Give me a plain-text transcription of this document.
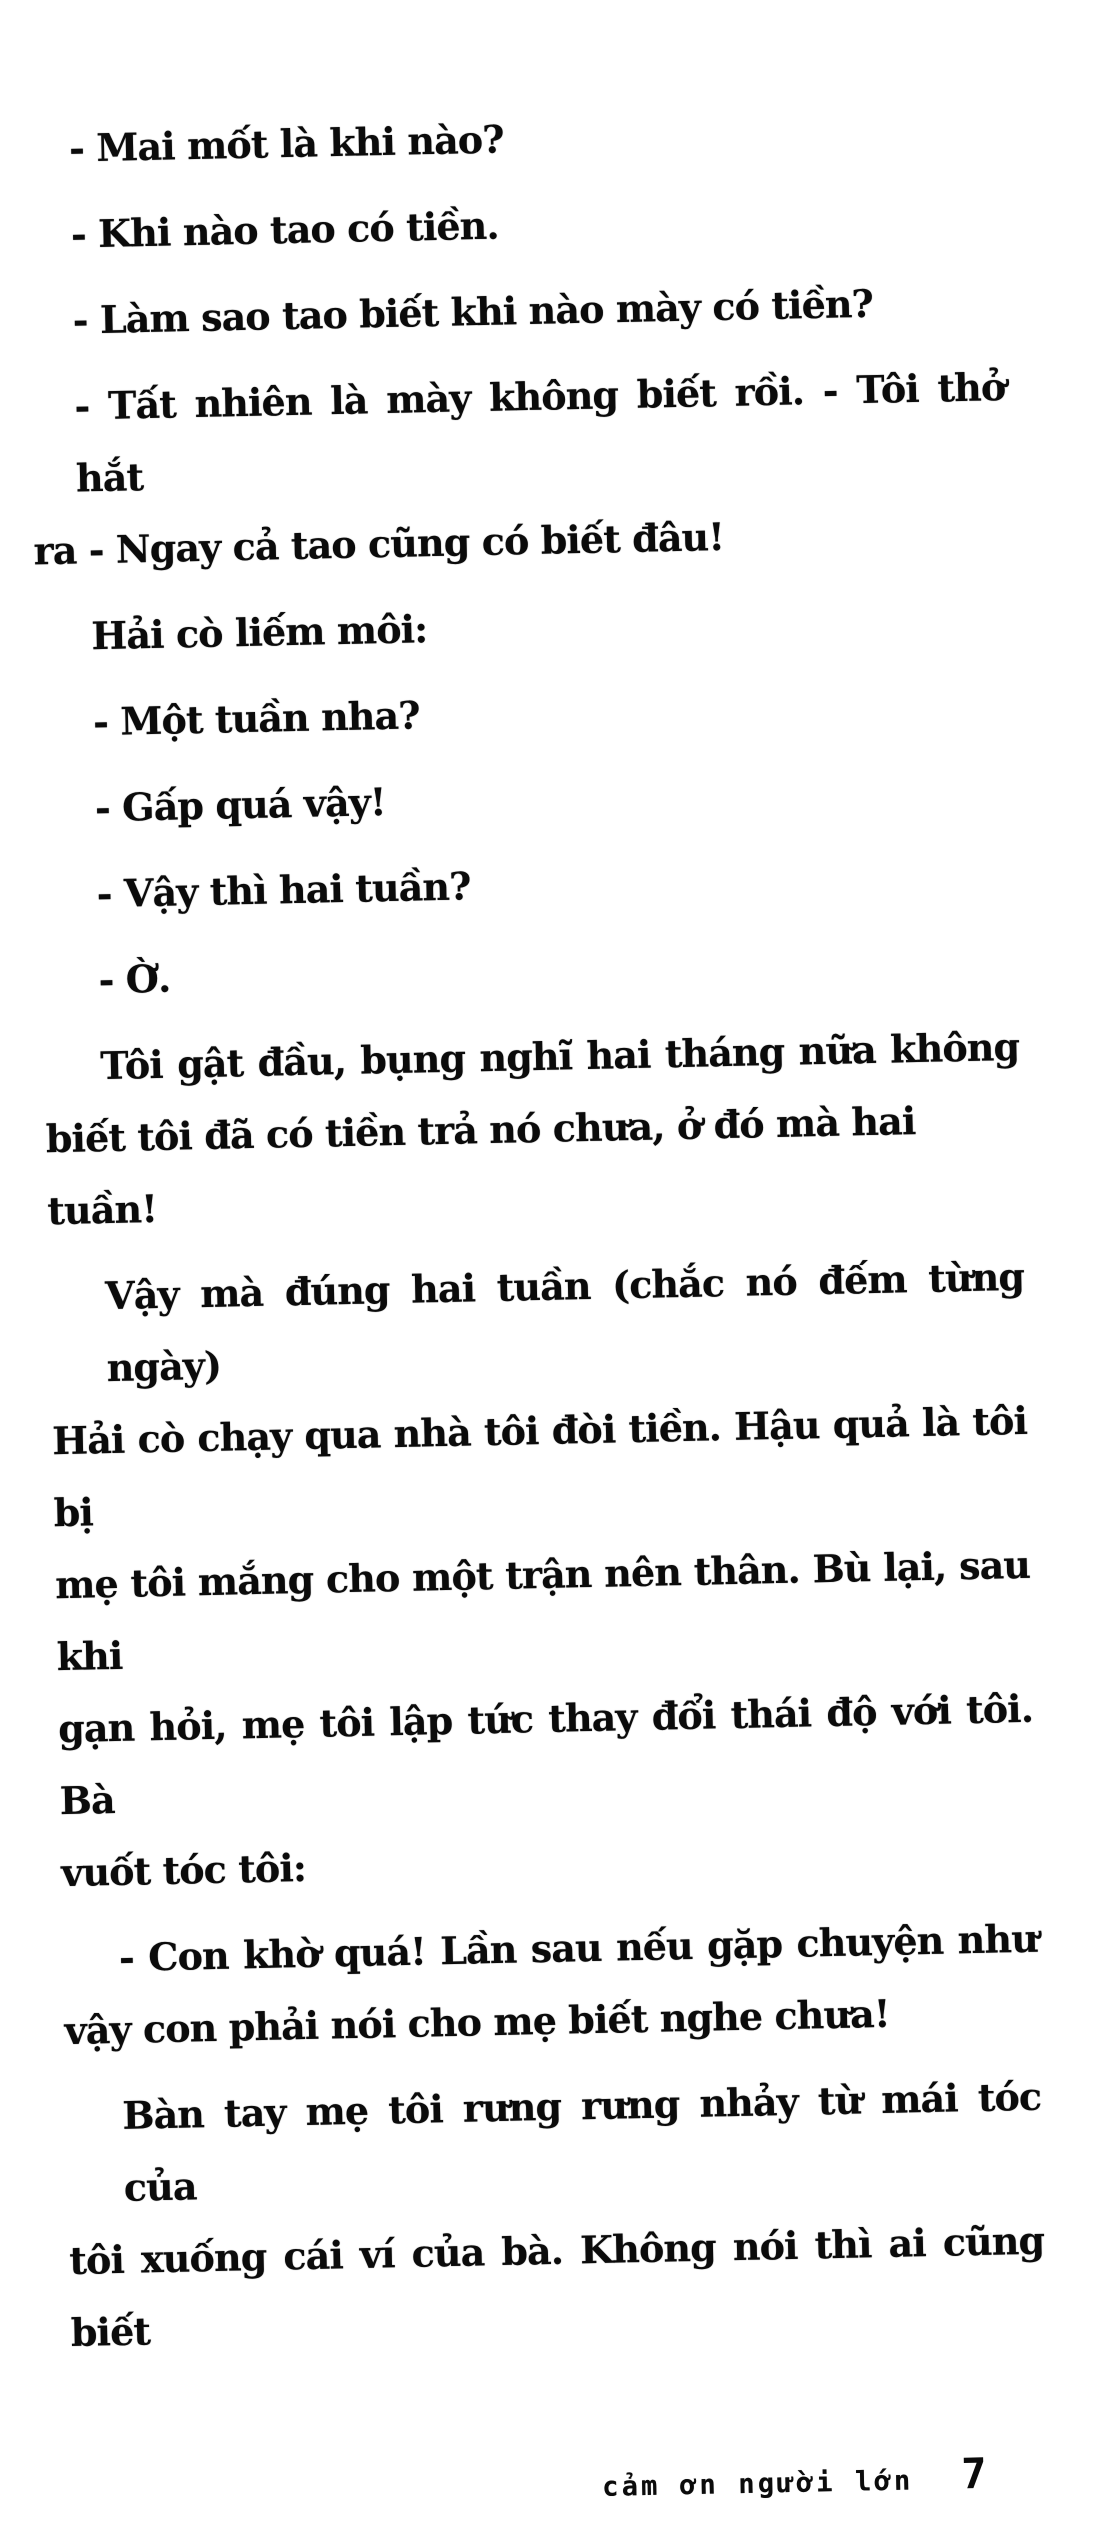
- Mai mốt là khi nào?
- Khi nào tao có tiền.
- Làm sao tao biết khi nào mày có tiền?
- Tất nhiên là mày không biết rồi. - Tôi thở hắt
ra - Ngay cả tao cũng có biết đâu!
Hải cò liếm môi:
- Một tuần nha?
- Gấp quá vậy!
- Vậy thì hai tuần?
- Ờ.
Tôi gật đầu, bụng nghĩ hai tháng nữa không
biết tôi đã có tiền trả nó chưa, ở đó mà hai tuần!
Vậy mà đúng hai tuần (chắc nó đếm từng ngày)
Hải cò chạy qua nhà tôi đòi tiền. Hậu quả là tôi bị
mẹ tôi mắng cho một trận nên thân. Bù lại, sau khi
gạn hỏi, mẹ tôi lập tức thay đổi thái độ với tôi. Bà
vuốt tóc tôi:
- Con khờ quá! Lần sau nếu gặp chuyện như
vậy con phải nói cho mẹ biết nghe chưa!
Bàn tay mẹ tôi rưng rưng nhảy từ mái tóc của
tôi xuống cái ví của bà. Không nói thì ai cũng biết
cảm ơn người lớn 7
